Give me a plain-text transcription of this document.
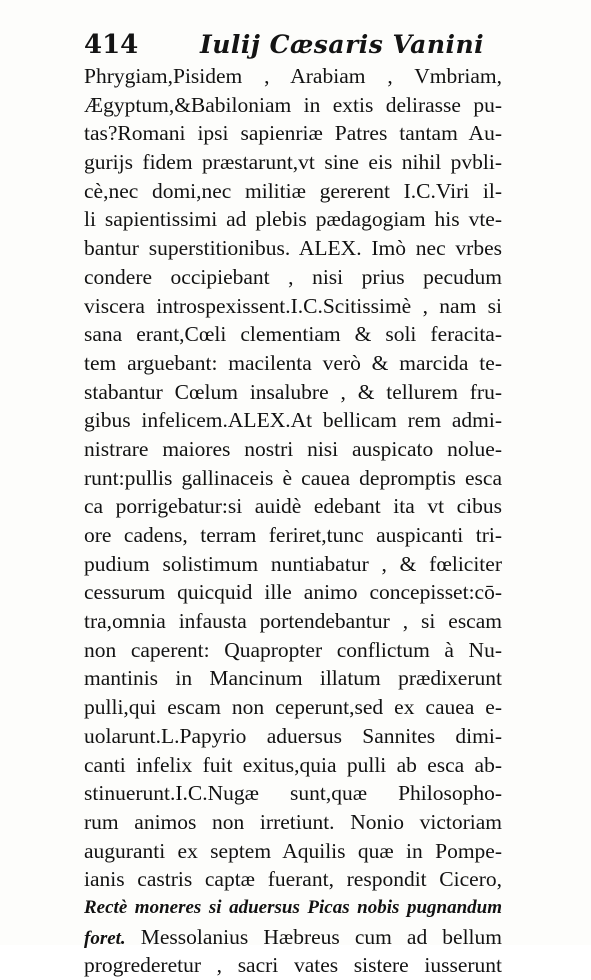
414 Iulij Cæsaris Vanini
Phrygiam,Pisidem , Arabiam , Vmbriam,
Ægyptum,&Babiloniam in extis delirasse pu-
tas?Romani ipsi sapienriæ Patres tantam Au-
gurijs fidem præstarunt,vt sine eis nihil pvbli-
cè,nec domi,nec militiæ gererent I.C.Viri il-
li sapientissimi ad plebis pædagogiam his vte-
bantur superstitionibus. ALEX. Imò nec vrbes
condere occipiebant , nisi prius pecudum
viscera introspexissent.I.C.Scitissimè , nam si
sana erant,Cœli clementiam & soli feracita-
tem arguebant: macilenta verò & marcida te-
stabantur Cœlum insalubre , & tellurem fru-
gibus infelicem.ALEX.At bellicam rem admi-
nistrare maiores nostri nisi auspicato nolue-
runt:pullis gallinaceis è cauea depromptis esca
ca porrigebatur:si auidè edebant ita vt cibus
ore cadens, terram feriret,tunc auspicanti tri-
pudium solistimum nuntiabatur , & fœliciter
cessurum quicquid ille animo concepisset:cō-
tra,omnia infausta portendebantur , si escam
non caperent: Quapropter conflictum à Nu-
mantinis in Mancinum illatum prædixerunt
pulli,qui escam non ceperunt,sed ex cauea e-
uolarunt.L.Papyrio aduersus Sannites dimi-
canti infelix fuit exitus,quia pulli ab esca ab-
stinuerunt.I.C.Nugæ sunt,quæ Philosopho-
rum animos non irretiunt. Nonio victoriam
auguranti ex septem Aquilis quæ in Pompe-
ianis castris captæ fuerant, respondit Cicero,
Rectè moneres si aduersus Picas nobis pugnandum
foret. Messolanius Hæbreus cum ad bellum
progrederetur , sacri vates sistere iusserunt
